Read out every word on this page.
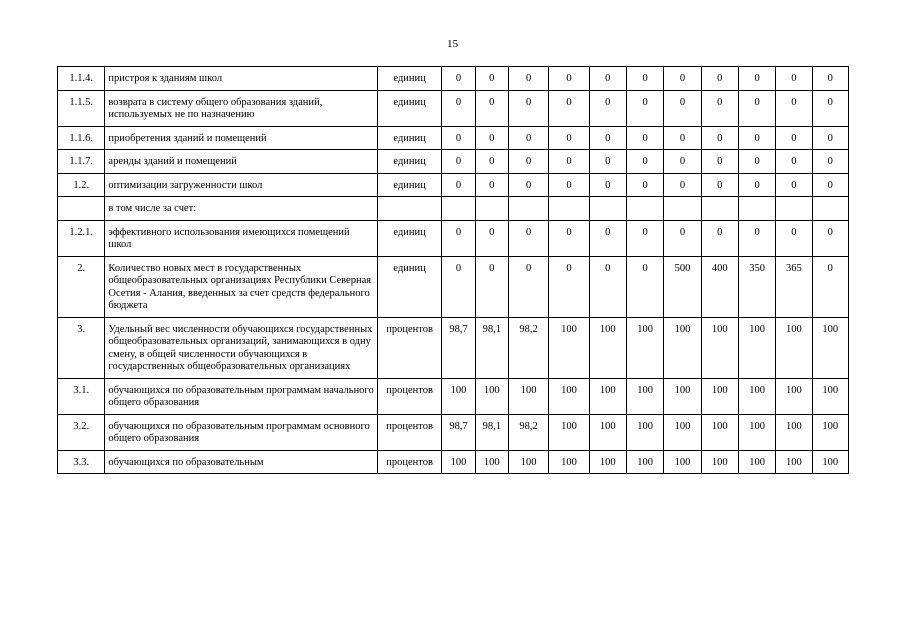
15
1.1.4.	пристроя к зданиям школ	единиц	0	0	0	0	0	0	0	0	0	0	0
1.1.5.	возврата в систему общего образования зданий, используемых не по назначению	единиц	0	0	0	0	0	0	0	0	0	0	0
1.1.6.	приобретения зданий и помещений	единиц	0	0	0	0	0	0	0	0	0	0	0
1.1.7.	аренды зданий и помещений	единиц	0	0	0	0	0	0	0	0	0	0	0
1.2.	оптимизации загруженности школ	единиц	0	0	0	0	0	0	0	0	0	0	0
	в том числе за счет:												
1.2.1.	эффективного использования имеющихся помещений школ	единиц	0	0	0	0	0	0	0	0	0	0	0
2.	Количество новых мест в государственных общеобразовательных организациях Республики Северная Осетия - Алания, введенных за счет средств федерального бюджета	единиц	0	0	0	0	0	0	500	400	350	365	0
3.	Удельный вес численности обучающихся государственных общеобразовательных организаций, занимающихся в одну смену, в общей численности обучающихся в государственных общеобразовательных организациях	процентов	98,7	98,1	98,2	100	100	100	100	100	100	100	100
3.1.	обучающихся по образовательным программам начального общего образования	процентов	100	100	100	100	100	100	100	100	100	100	100
3.2.	обучающихся по образовательным программам основного общего образования	процентов	98,7	98,1	98,2	100	100	100	100	100	100	100	100
3.3.	обучающихся по образовательным	процентов	100	100	100	100	100	100	100	100	100	100	100
